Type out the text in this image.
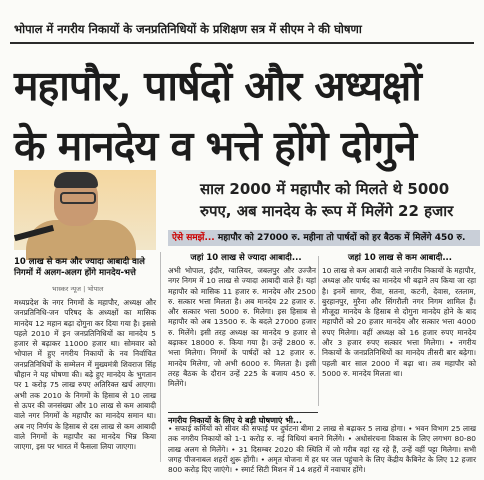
भोपाल में नगरीय निकायों के जनप्रतिनिधियों के प्रशिक्षण सत्र में सीएम ने की घोषणा
महापौर, पार्षदों और अध्यक्षों
के मानदेय व भत्ते होंगे दोगुने
साल 2000 में महापौर को मिलते थे 5000 रुपए, अब मानदेय के रूप में मिलेंगे 22 हजार
ऐसे समझें... महापौर को 27000 रु. महीना तो पार्षदों को हर बैठक में मिलेंगे 450 रु.
10 लाख से कम और ज्यादा आबादी वाले निगमों में अलग-अलग होंगे मानदेय-भत्ते
भास्कर न्यूज | भोपाल
मध्यप्रदेश के नगर निगमों के महापौर, अध्यक्ष और जनप्रतिनिधि-जन परिषद के अध्यक्षों का मासिक मानदेय 12 महान बढ़ा दोगुना कर दिया गया है। इससे पहले 2010 में इन जनप्रतिनिधियों का मानदेय 5 हजार से बढ़ाकर 11000 हजार था। सोमवार को भोपाल में हुए नगरीय निकायों के नव निर्वाचित जनप्रतिनिधियों के सम्मेलन में मुख्यमंत्री शिवराज सिंह चौहान ने यह घोषणा की। बढ़े हुए मानदेय के भुगतान पर 1 करोड़ 75 लाख रुपए अतिरिक्त खर्च आएगा। अभी तक 2010 के निगमों के हिसाब से 10 लाख से ऊपर की जनसंख्या और 10 लाख से कम आबादी वाले नगर निगमों के महापौर का मानदेय समान था। अब नए निर्णय के हिसाब से दस लाख से कम आबादी वाले निगमों के महापौर का मानदेय भिन्न किया जाएगा, इस पर भारत में फैसला लिया जाएगा।
जहां 10 लाख से ज्यादा आबादी...
अभी भोपाल, इंदौर, ग्वालियर, जबलपुर और उज्जैन नगर निगम में 10 लाख से ज्यादा आबादी वाले हैं। यहां महापौर को मासिक 11 हजार रु. मानदेय और 2500 रु. सत्कार भत्ता मिलता है। अब मानदेय 22 हजार रु. और सत्कार भत्ता 5000 रु. मिलेगा। इस हिसाब से महापौर को अब 13500 रु. के बदले 27000 हजार रु. मिलेंगे। इसी तरह अध्यक्ष का मानदेय 9 हजार से बढ़ाकर 18000 रु. किया गया है। उन्हें 2800 रु. भत्ता मिलेगा। निगमों के पार्षदों को 12 हजार रु. मानदेय मिलेगा, जो अभी 6000 रु. मिलता है। इसी तरह बैठक के दौरान उन्हें 225 के बजाय 450 रु. मिलेंगे।
जहां 10 लाख से कम आबादी...
10 लाख से कम आबादी वाले नगरीय निकायों के महापौर, अध्यक्ष और पार्षद का मानदेय भी बढ़ाने तय किया जा रहा है। इनमें सागर, रीवा, सतना, कटनी, देवास, रतलाम, बुरहानपुर, मुरैना और सिंगरौली नगर निगम शामिल हैं। मौजूदा मानदेय के हिसाब से दोगुना मानदेय होने के बाद महापौरों को 20 हजार मानदेय और सत्कार भत्ता 4000 रुपए मिलेगा। वहीं अध्यक्ष को 16 हजार रुपए मानदेय और 3 हजार रुपए सत्कार भत्ता मिलेगा। • नगरीय निकायों के जनप्रतिनिधियों का मानदेय तीसरी बार बढ़ेगा। पहली बार साल 2000 में बढ़ा था। तब महापौर को 5000 रु. मानदेय मिलता था।
नगरीय निकायों के लिए ये बड़ी घोषणाएं भी...
• सफाई कर्मियों को सीवर की सफाई पर दुर्घटना बीमा 2 लाख से बढ़ाकर 5 लाख होगा। • भवन विभाग 25 लाख तक नगरीय निकायों को 1-1 करोड़ रु. नई विधियां बनाने मिलेंगे। • अधोसंरचना विकास के लिए लगभग 80-80 लाख अलग से मिलेंगे। • 31 दिसम्बर 2020 की स्थिति में जो गरीब वहां रह रहे हैं, उन्हें वहीं पट्टा मिलेगा। सभी जगह पीजनाबल शहरों शुरू होंगी। • अमृत योजना में हर घर जल पहुंचाने के लिए केंद्रीय कैबिनेट के लिए 12 हजार 800 करोड़ दिए जाएंगे। • स्मार्ट सिटी मिशन में 14 शहरों में नवाचार होंगे।
